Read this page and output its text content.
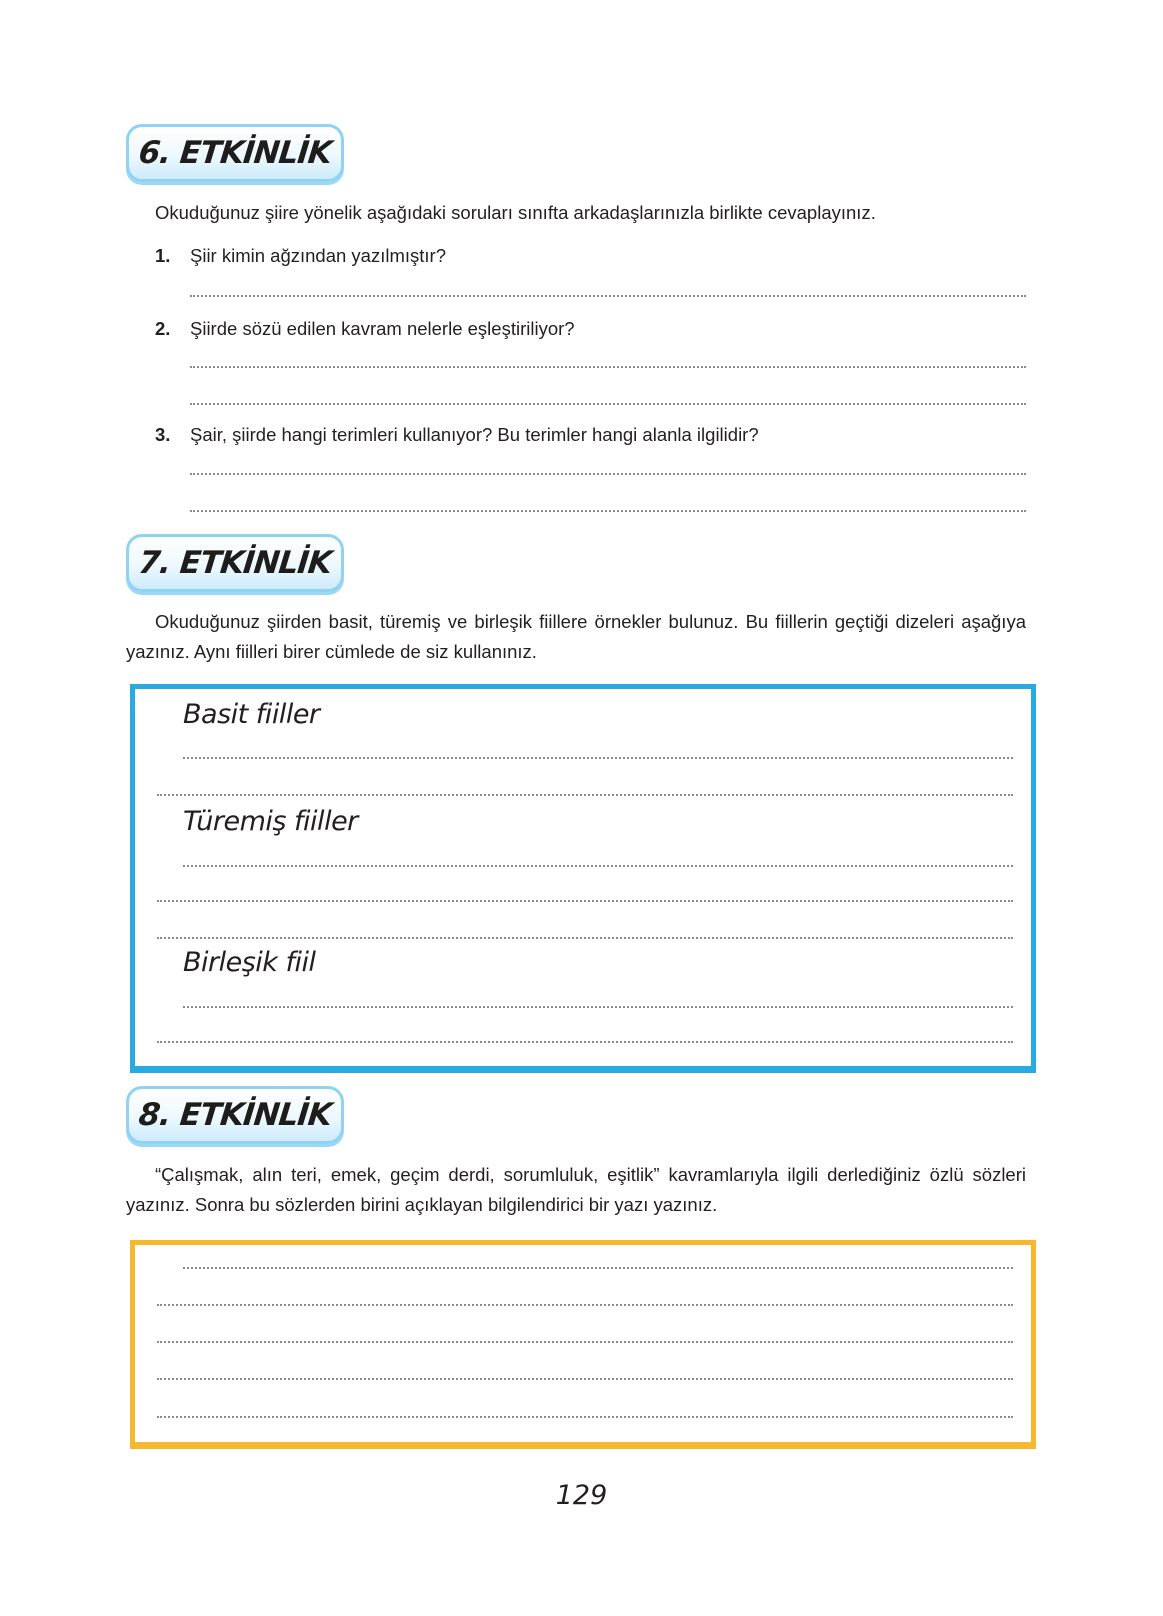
6. ETKİNLİK
Okuduğunuz şiire yönelik aşağıdaki soruları sınıfta arkadaşlarınızla birlikte cevaplayınız.
1. Şiir kimin ağzından yazılmıştır?
2. Şiirde sözü edilen kavram nelerle eşleştiriliyor?
3. Şair, şiirde hangi terimleri kullanıyor? Bu terimler hangi alanla ilgilidir?
7. ETKİNLİK
Okuduğunuz şiirden basit, türemiş ve birleşik fiillere örnekler bulunuz. Bu fiillerin geçtiği dizeleri aşağıya yazınız. Aynı fiilleri birer cümlede de siz kullanınız.
Basit fiiller
Türemiş fiiller
Birleşik fiil
8. ETKİNLİK
“Çalışmak, alın teri, emek, geçim derdi, sorumluluk, eşitlik” kavramlarıyla ilgili derlediğiniz özlü sözleri yazınız. Sonra bu sözlerden birini açıklayan bilgilendirici bir yazı yazınız.
129
